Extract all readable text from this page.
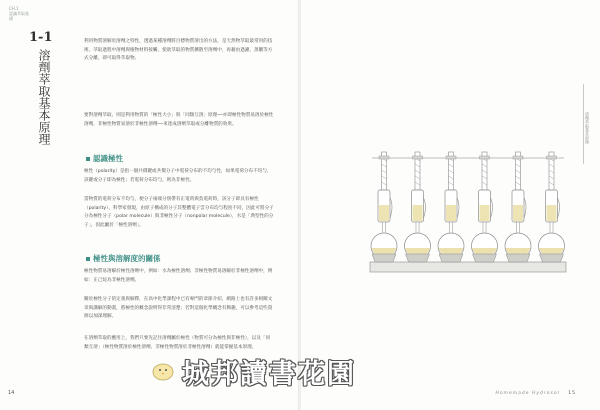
CH.1
認識萃取基礎
1-1
溶劑萃取基本原理
利用物質溶解於溶劑之特性，透過某種溶劑將目標物質溶出的方法，是天然物萃取最常用的技術。萃取過程中溶劑與植物材料接觸，使欲萃取的物質擴散至溶劑中，再藉由過濾、蒸餾等方式分離，即可取得萃取物。
要對溶劑萃取，則是利用物質的「極性大小」與「同類互溶」原理──亦即極性物質易溶於極性溶劑，非極性物質易溶於非極性溶劑──來達成溶劑萃取或分離物質的效果。
認識極性
極性（polarity）是指一個共價鍵或共價分子中電荷分布的不均勻性，如果電荷分布不均勻，該鍵或分子即為極性；若電荷分布均勻，則為非極性。
當物質的電荷分布不均勻，便分子兩端分別帶有正電荷與負電荷時，該分子即具有極性（polarity），科學家發現，由原子構成的分子其整體電子雲分布均勻程度不同，因此可將分子分為極性分子（polar molecule）與非極性分子（nonpolar molecule），水是「典型性的分子」，因此屬於「極性溶劑」。
極性與溶解度的關係
極性物質易溶解於極性溶劑中，例如：水為極性溶劑；非極性物質易溶解於非極性溶劑中，例如：正己烷為非極性溶劑。
關於極性分子的定義與解釋，在高中化學課程中已有專門的章節介紹，網路上也有許多相關文章與講解的動畫，將極性的概念說明得非常清楚；若對這個化學概念有興趣，可以參考這些資源以加深理解。
在溶劑萃取的應用上，我們只要先記住溶劑屬於極性（物質可分為極性與非極性），以及「同類互溶」（極性物質溶於極性溶劑、非極性物質溶於非極性溶劑）就能掌握基本原理。
14
溶劑萃取基本原理
Homemade Hydrosol 15
城邦讀書花園
